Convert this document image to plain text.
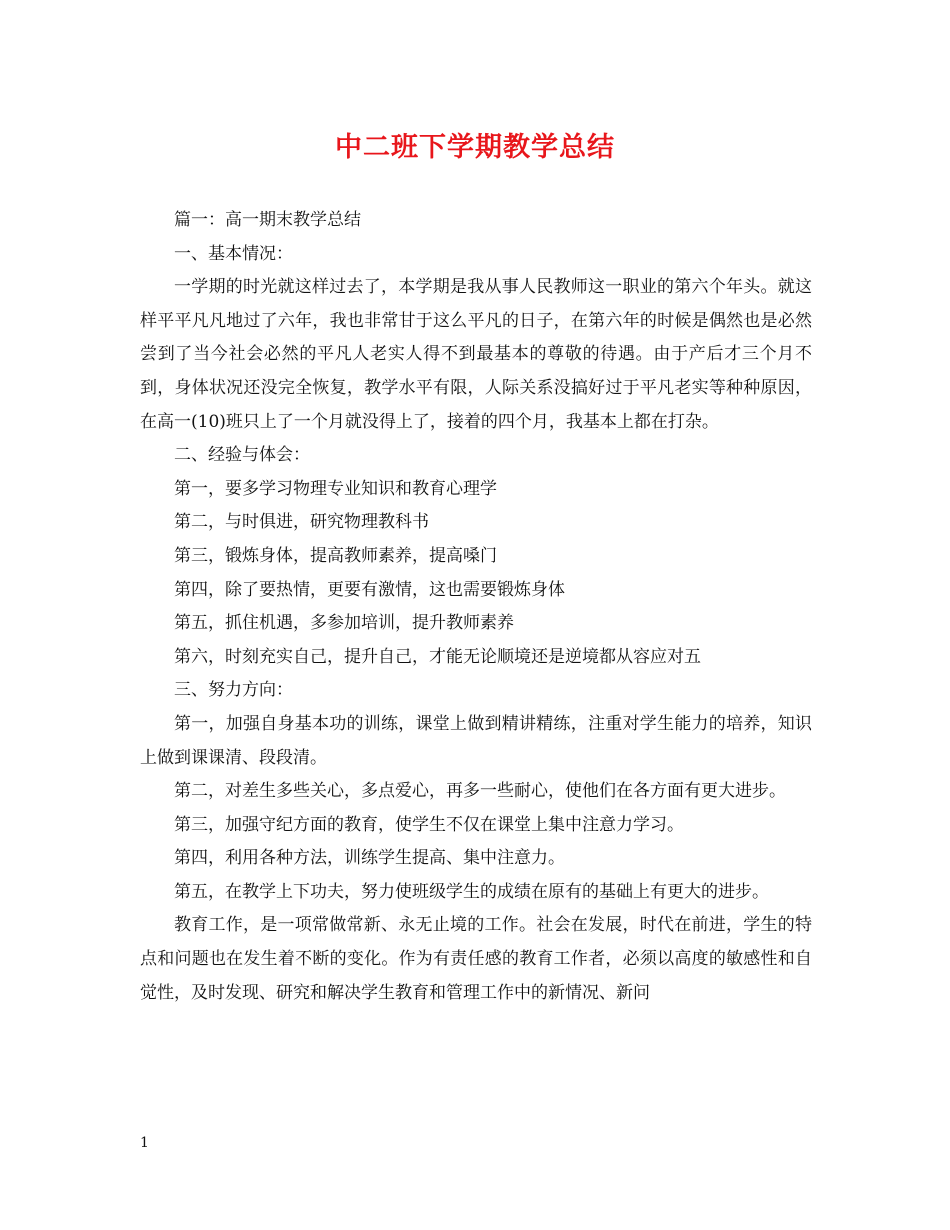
中二班下学期教学总结

篇一：高一期末教学总结

一、基本情况：

一学期的时光就这样过去了，本学期是我从事人民教师这一职业的第六个年头。就这样平平凡凡地过了六年，我也非常甘于这么平凡的日子，在第六年的时候是偶然也是必然尝到了当今社会必然的平凡人老实人得不到最基本的尊敬的待遇。由于产后才三个月不到，身体状况还没完全恢复，教学水平有限，人际关系没搞好过于平凡老实等种种原因，在高一(10)班只上了一个月就没得上了，接着的四个月，我基本上都在打杂。

二、经验与体会：

第一，要多学习物理专业知识和教育心理学

第二，与时俱进，研究物理教科书

第三，锻炼身体，提高教师素养，提高嗓门

第四，除了要热情，更要有激情，这也需要锻炼身体

第五，抓住机遇，多参加培训，提升教师素养

第六，时刻充实自己，提升自己，才能无论顺境还是逆境都从容应对五

三、努力方向：

第一，加强自身基本功的训练，课堂上做到精讲精练，注重对学生能力的培养，知识上做到课课清、段段清。

第二，对差生多些关心，多点爱心，再多一些耐心，使他们在各方面有更大进步。

第三，加强守纪方面的教育，使学生不仅在课堂上集中注意力学习。

第四，利用各种方法，训练学生提高、集中注意力。

第五，在教学上下功夫，努力使班级学生的成绩在原有的基础上有更大的进步。

教育工作，是一项常做常新、永无止境的工作。社会在发展，时代在前进，学生的特点和问题也在发生着不断的变化。作为有责任感的教育工作者，必须以高度的敏感性和自觉性，及时发现、研究和解决学生教育和管理工作中的新情况、新问

1
